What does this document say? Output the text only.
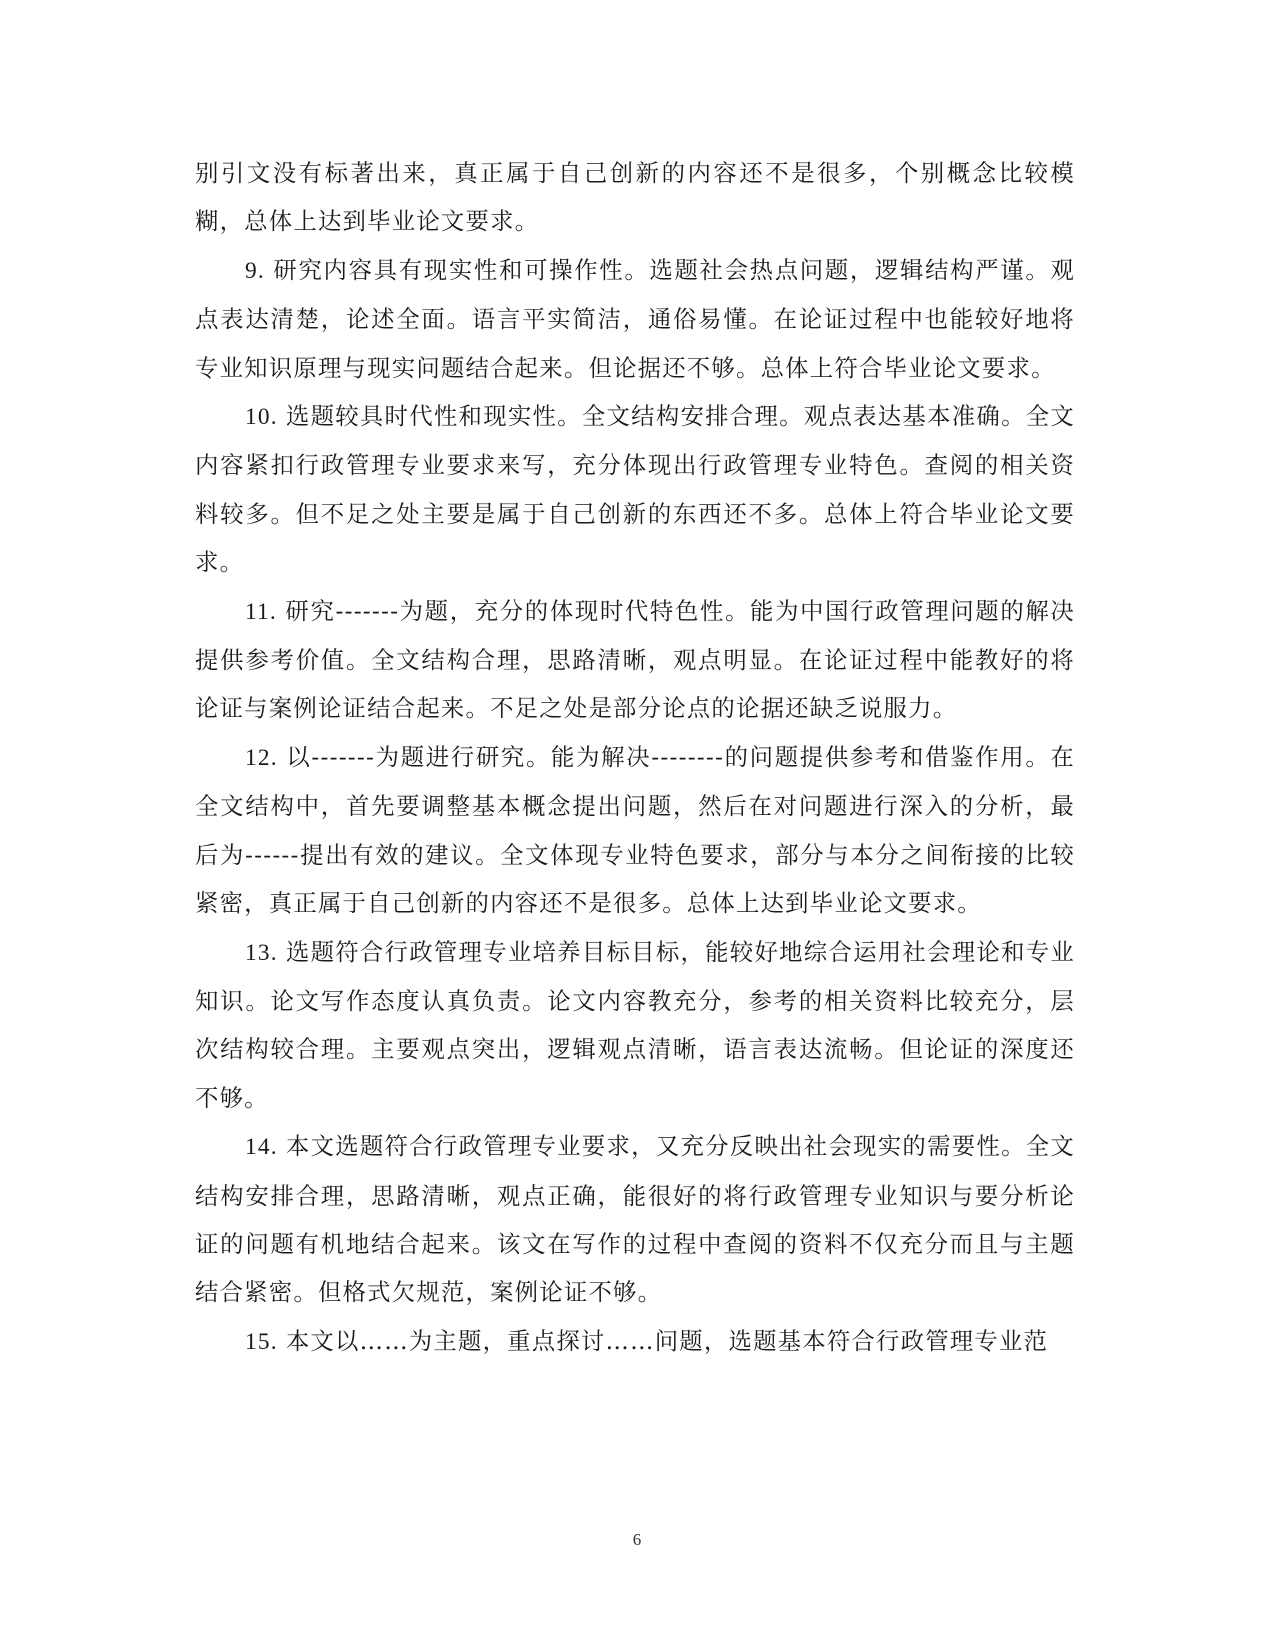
别引文没有标著出来，真正属于自己创新的内容还不是很多，个别概念比较模糊，总体上达到毕业论文要求。

9. 研究内容具有现实性和可操作性。选题社会热点问题，逻辑结构严谨。观点表达清楚，论述全面。语言平实简洁，通俗易懂。在论证过程中也能较好地将专业知识原理与现实问题结合起来。但论据还不够。总体上符合毕业论文要求。

10. 选题较具时代性和现实性。全文结构安排合理。观点表达基本准确。全文内容紧扣行政管理专业要求来写，充分体现出行政管理专业特色。查阅的相关资料较多。但不足之处主要是属于自己创新的东西还不多。总体上符合毕业论文要求。

11. 研究-------为题，充分的体现时代特色性。能为中国行政管理问题的解决提供参考价值。全文结构合理，思路清晰，观点明显。在论证过程中能教好的将论证与案例论证结合起来。不足之处是部分论点的论据还缺乏说服力。

12. 以-------为题进行研究。能为解决--------的问题提供参考和借鉴作用。在全文结构中，首先要调整基本概念提出问题，然后在对问题进行深入的分析，最后为------提出有效的建议。全文体现专业特色要求，部分与本分之间衔接的比较紧密，真正属于自己创新的内容还不是很多。总体上达到毕业论文要求。

13. 选题符合行政管理专业培养目标目标，能较好地综合运用社会理论和专业知识。论文写作态度认真负责。论文内容教充分，参考的相关资料比较充分，层次结构较合理。主要观点突出，逻辑观点清晰，语言表达流畅。但论证的深度还不够。

14. 本文选题符合行政管理专业要求，又充分反映出社会现实的需要性。全文结构安排合理，思路清晰，观点正确，能很好的将行政管理专业知识与要分析论证的问题有机地结合起来。该文在写作的过程中查阅的资料不仅充分而且与主题结合紧密。但格式欠规范，案例论证不够。

15. 本文以……为主题，重点探讨……问题，选题基本符合行政管理专业范

6
